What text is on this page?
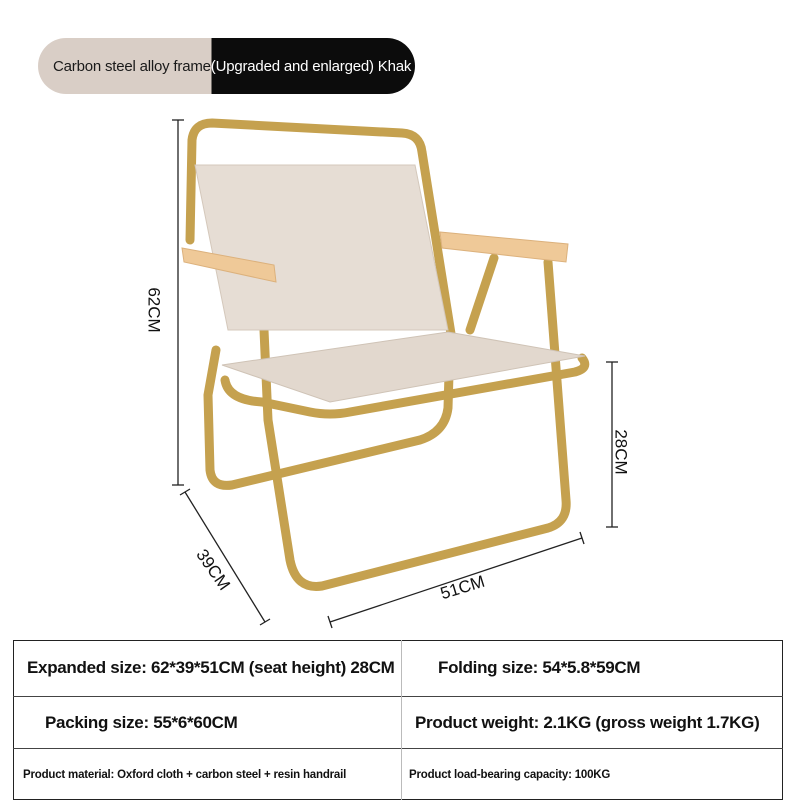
Carbon steel alloy frame (Upgraded and enlarged) Khak
62CM
28CM
39CM	51CM
Expanded size: 62*39*51CM (seat height) 28CM	Folding size: 54*5.8*59CM
Packing size: 55*6*60CM	Product weight: 2.1KG (gross weight 1.7KG)
Product material: Oxford cloth + carbon steel + resin handrail	Product load-bearing capacity: 100KG
